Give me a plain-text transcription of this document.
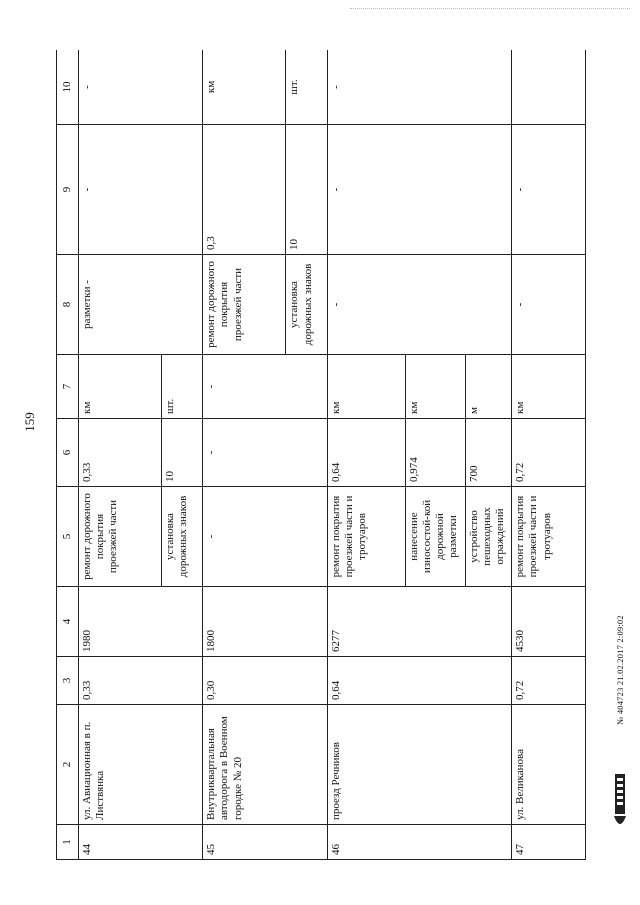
159
1	2	3	4	5	6	7	8	9	10
44	ул. Авиационная в п. Листвянка	0,33	1980	ремонт дорожного покрытия проезжей части	0,33	км	разметки -	-	-
				установка дорожных знаков	10	шт.			
45	Внутриквартальная автодорога в Военном городке № 20	0,30	1800	-	-	-	ремонт дорожного покрытия проезжей части	0,3	км
							установка дорожных знаков	10	шт.
46	проезд Речников	0,64	6277	ремонт покрытия проезжей части и тротуаров	0,64	км	-	-	-
				нанесение износостой-кой дорожной разметки	0,974	км			
				устройство пешеходных ограждений	700	м			
47	ул. Великанова	0,72	4530	ремонт покрытия проезжей части и тротуаров	0,72	км	-	-	
№ 404723 21.02.2017 2:09:02
